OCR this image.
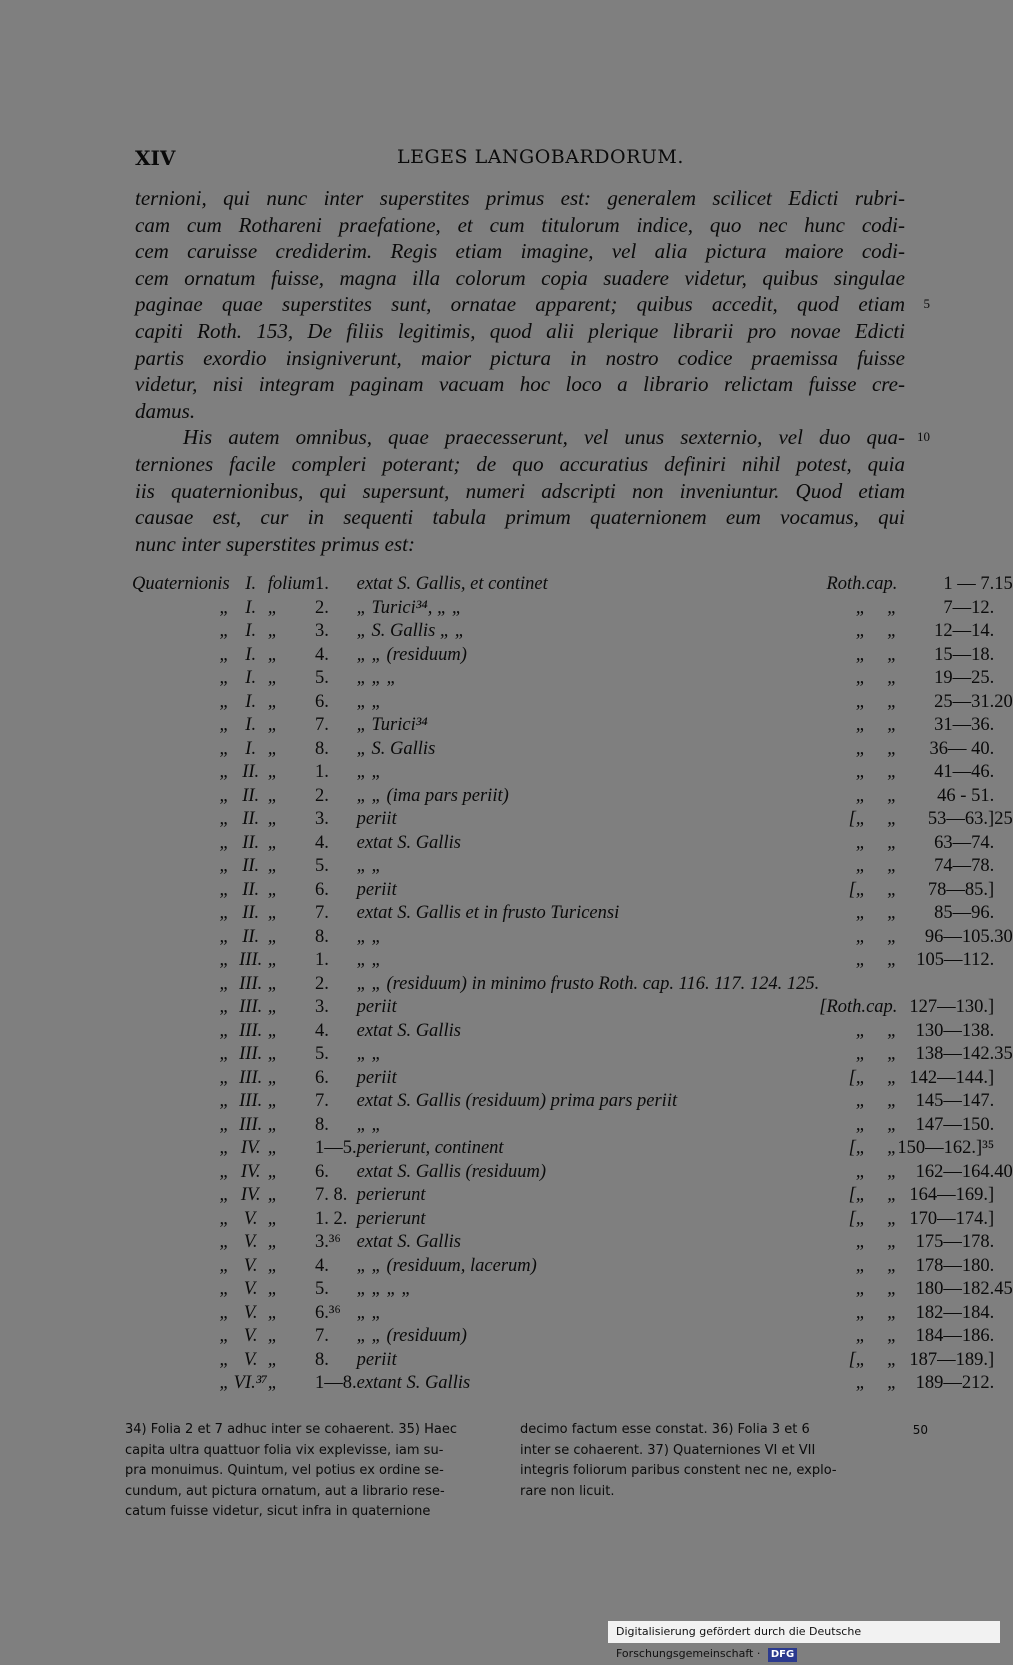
XIV	LEGES LANGOBARDORUM.
ternioni, qui nunc inter superstites primus est: generalem scilicet Edicti rubri-
cam cum Rothareni praefatione, et cum titulorum indice, quo nec hunc codi-
cem caruisse crediderim. Regis etiam imagine, vel alia pictura maiore codi-
cem ornatum fuisse, magna illa colorum copia suadere videtur, quibus singulae
paginae quae superstites sunt, ornatae apparent; quibus accedit, quod etiam 5
capiti Roth. 153, De filiis legitimis, quod alii plerique librarii pro novae Edicti
partis exordio insigniverunt, maior pictura in nostro codice praemissa fuisse
videtur, nisi integram paginam vacuam hoc loco a librario relictam fuisse cre-
damus.
His autem omnibus, quae praecesserunt, vel unus sexternio, vel duo qua- 10
terniones facile compleri poterant; de quo accuratius definiri nihil potest, quia
iis quaternionibus, qui supersunt, numeri adscripti non inveniuntur. Quod etiam
causae est, cur in sequenti tabula primum quaternionem eum vocamus, qui
nunc inter superstites primus est:
Quaternionis	I.	folium	1.	extat S. Gallis, et continet	Roth.	cap.	1 — 7.	15
„	I.	„	2.	„ Turici³⁴, „ „	„	„	7—12.	
„	I.	„	3.	„ S. Gallis „ „	„	„	12—14.	
„	I.	„	4.	„ „ (residuum)	„	„	15—18.	
„	I.	„	5.	„ „ „	„	„	19—25.	
„	I.	„	6.	„ „	„	„	25—31.	20
„	I.	„	7.	„ Turici³⁴	„	„	31—36.	
„	I.	„	8.	„ S. Gallis	„	„	36— 40.	
„	II.	„	1.	„ „	„	„	41—46.	
„	II.	„	2.	„ „ (ima pars periit)	„	„	46 - 51.	
„	II.	„	3.	periit	[„	„	53—63.]	25
„	II.	„	4.	extat S. Gallis	„	„	63—74.	
„	II.	„	5.	„ „	„	„	74—78.	
„	II.	„	6.	periit	[„	„	78—85.]	
„	II.	„	7.	extat S. Gallis et in frusto Turicensi	„	„	85—96.	
„	II.	„	8.	„ „	„	„	96—105.	30
„	III.	„	1.	„ „	„	„	105—112.	
„	III.	„	2.	„ „ (residuum) in minimo frusto Roth. cap. 116. 117. 124. 125.				
„	III.	„	3.	periit	[Roth.	cap.	127—130.]	
„	III.	„	4.	extat S. Gallis	„	„	130—138.	
„	III.	„	5.	„ „	„	„	138—142.	35
„	III.	„	6.	periit	[„	„	142—144.]	
„	III.	„	7.	extat S. Gallis (residuum) prima pars periit	„	„	145—147.	
„	III.	„	8.	„ „	„	„	147—150.	
„	IV.	„	1—5.	perierunt, continent	[„	„	150—162.]³⁵	
„	IV.	„	6.	extat S. Gallis (residuum)	„	„	162—164.	40
„	IV.	„	7. 8.	perierunt	[„	„	164—169.]	
„	V.	„	1. 2.	perierunt	[„	„	170—174.]	
„	V.	„	3.³⁶	extat S. Gallis	„	„	175—178.	
„	V.	„	4.	„ „ (residuum, lacerum)	„	„	178—180.	
„	V.	„	5.	„ „ „ „	„	„	180—182.	45
„	V.	„	6.³⁶	„ „	„	„	182—184.	
„	V.	„	7.	„ „ (residuum)	„	„	184—186.	
„	V.	„	8.	periit	[„	„	187—189.]	
„	VI.³⁷	„	1—8.	extant S. Gallis	„	„	189—212.	
34) Folia 2 et 7 adhuc inter se cohaerent. 35) Haec
capita ultra quattuor folia vix explevisse, iam su-
pra monuimus. Quintum, vel potius ex ordine se-
cundum, aut pictura ornatum, aut a librario rese-
catum fuisse videtur, sicut infra in quaternione
decimo factum esse constat. 36) Folia 3 et 6
inter se cohaerent. 37) Quaterniones VI et VII
integris foliorum paribus constent nec ne, explo-
rare non licuit.
50
Digitalisierung gefördert durch die Deutsche Forschungsgemeinschaft · DFG
